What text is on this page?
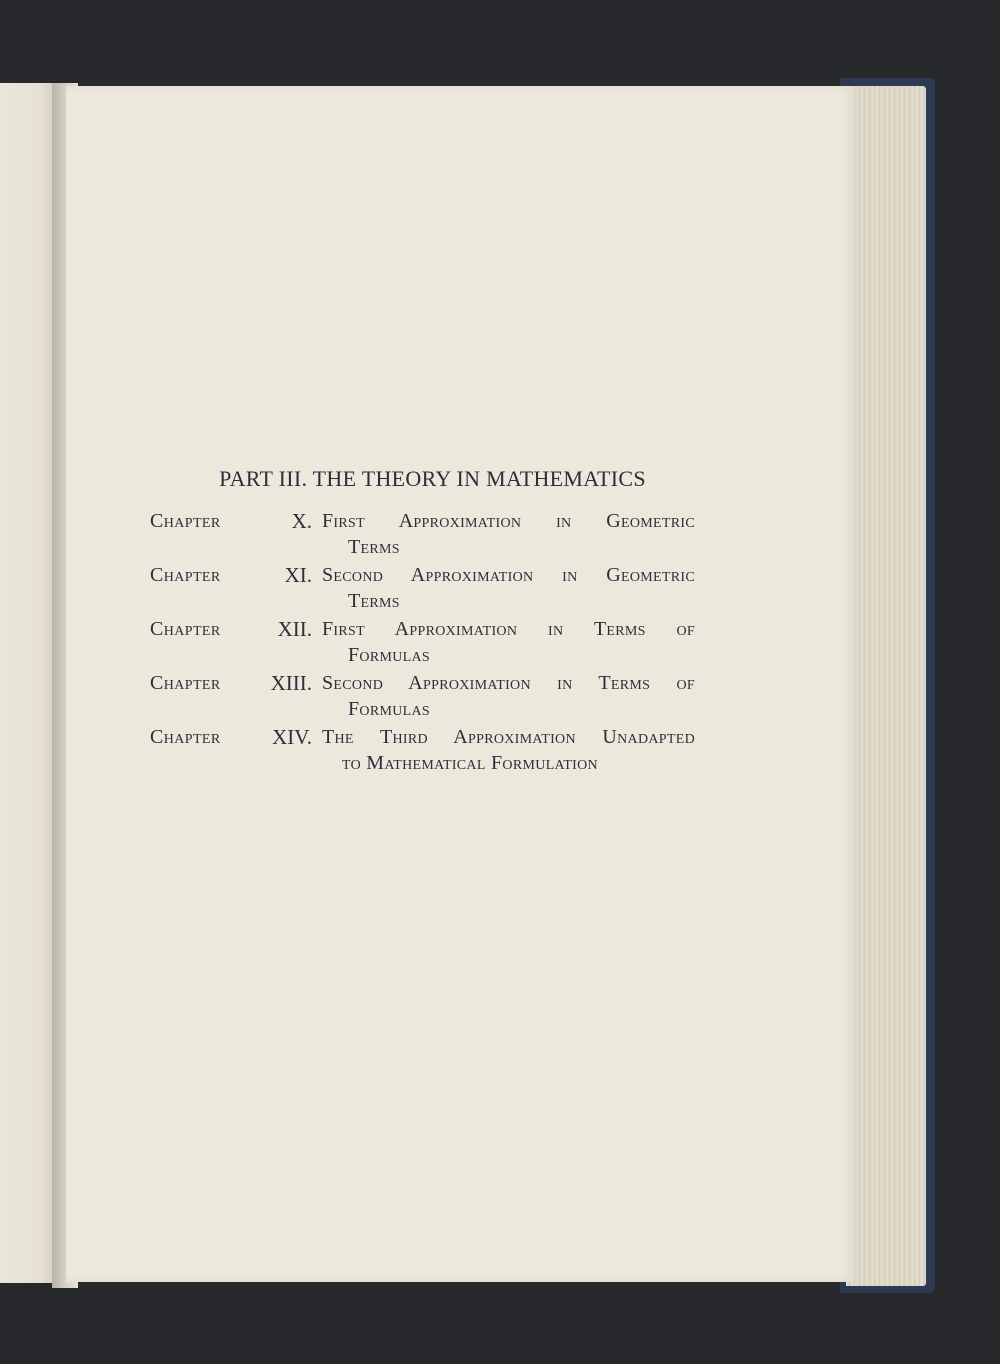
PART III. THE THEORY IN MATHEMATICS
Chapter	X. First Approximation in Geometric
Terms
Chapter	XI. Second Approximation in Geometric
Terms
Chapter	XII. First Approximation in Terms of
Formulas
Chapter	XIII. Second Approximation in Terms of
Formulas
Chapter	XIV. The Third Approximation Unadapted
to Mathematical Formulation
